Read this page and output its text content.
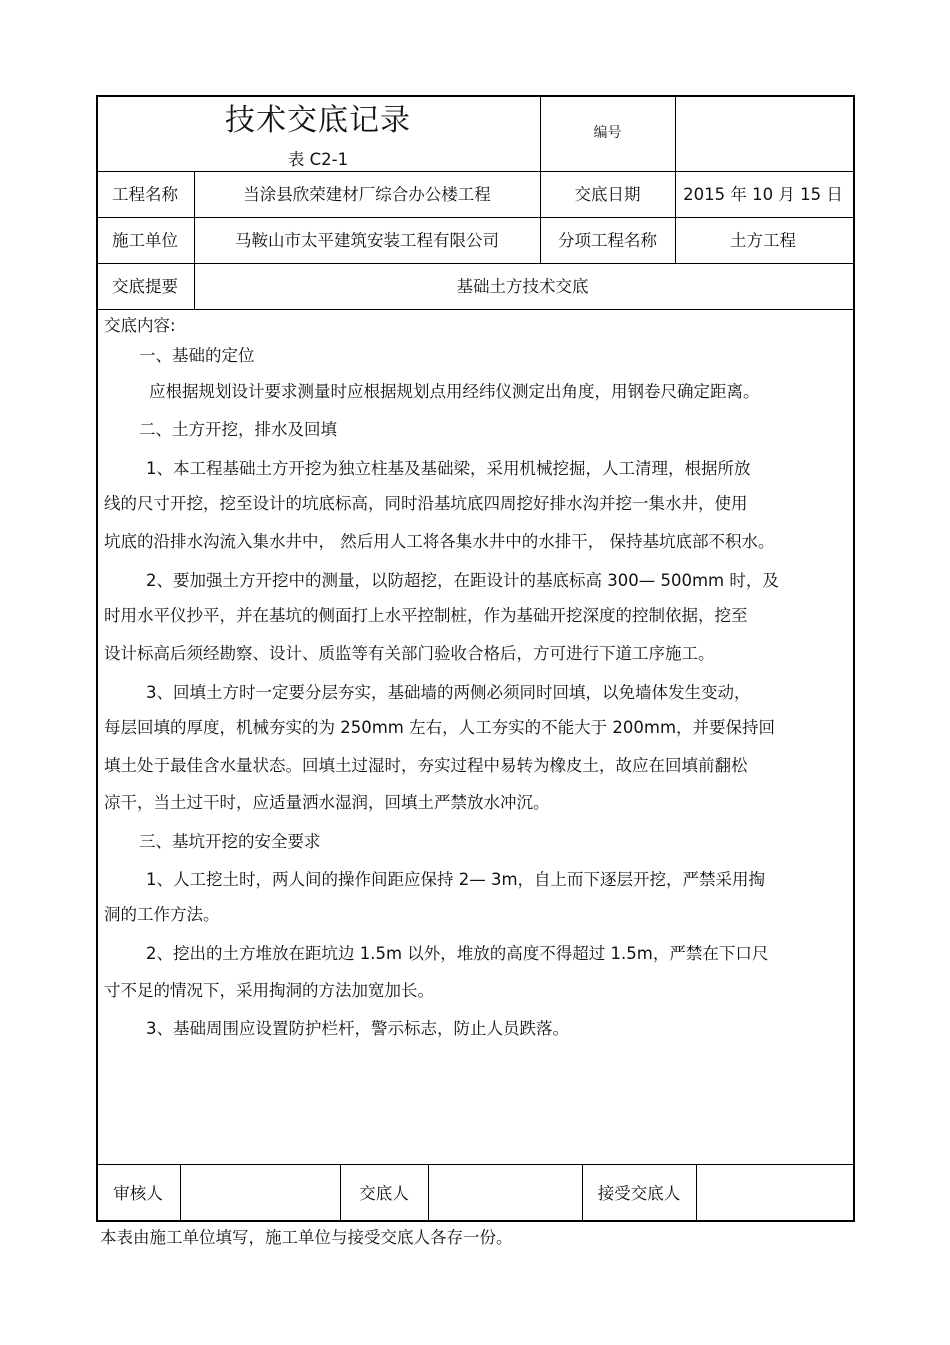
技术交底记录
表 C2-1
编号
工程名称	当涂县欣荣建材厂综合办公楼工程	交底日期	2015 年 10 月 15 日
施工单位	马鞍山市太平建筑安装工程有限公司	分项工程名称	土方工程
交底提要	基础土方技术交底
交底内容:
一、基础的定位
应根据规划设计要求测量时应根据规划点用经纬仪测定出角度，用钢卷尺确定距离。
二、土方开挖，排水及回填
1、本工程基础土方开挖为独立柱基及基础梁，采用机械挖掘，人工清理，根据所放
线的尺寸开挖，挖至设计的坑底标高，同时沿基坑底四周挖好排水沟并挖一集水井，使用
坑底的沿排水沟流入集水井中， 然后用人工将各集水井中的水排干， 保持基坑底部不积水。
2、要加强土方开挖中的测量，以防超挖，在距设计的基底标高 300— 500mm 时，及
时用水平仪抄平，并在基坑的侧面打上水平控制桩，作为基础开挖深度的控制依据，挖至
设计标高后须经勘察、设计、质监等有关部门验收合格后，方可进行下道工序施工。
3、回填土方时一定要分层夯实，基础墙的两侧必须同时回填，以免墙体发生变动，
每层回填的厚度，机械夯实的为 250mm 左右，人工夯实的不能大于 200mm，并要保持回
填土处于最佳含水量状态。回填土过湿时，夯实过程中易转为橡皮土，故应在回填前翻松
凉干，当土过干时，应适量洒水湿润，回填土严禁放水冲沉。
三、基坑开挖的安全要求
1、人工挖土时，两人间的操作间距应保持 2— 3m，自上而下逐层开挖，严禁采用掏
洞的工作方法。
2、挖出的土方堆放在距坑边 1.5m 以外，堆放的高度不得超过 1.5m，严禁在下口尺
寸不足的情况下，采用掏洞的方法加宽加长。
3、基础周围应设置防护栏杆，警示标志，防止人员跌落。
审核人	交底人	接受交底人
本表由施工单位填写，施工单位与接受交底人各存一份。
